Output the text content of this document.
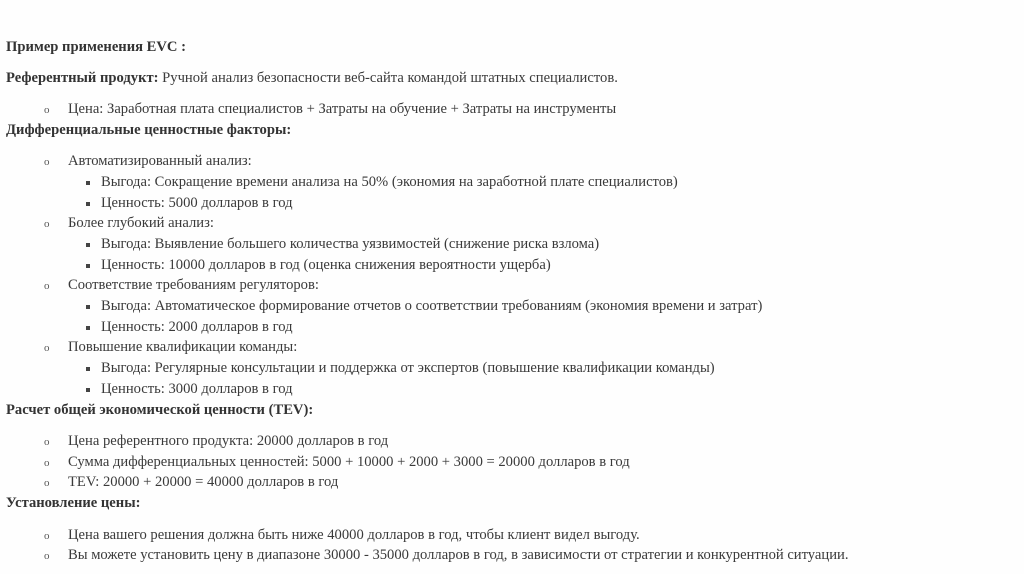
Пример применения EVC :
Референтный продукт: Ручной анализ безопасности веб-сайта командой штатных специалистов.
o Цена: Заработная плата специалистов + Затраты на обучение + Затраты на инструменты
Дифференциальные ценностные факторы:
o Автоматизированный анализ:
Выгода: Сокращение времени анализа на 50% (экономия на заработной плате специалистов)
Ценность: 5000 долларов в год
o Более глубокий анализ:
Выгода: Выявление большего количества уязвимостей (снижение риска взлома)
Ценность: 10000 долларов в год (оценка снижения вероятности ущерба)
o Соответствие требованиям регуляторов:
Выгода: Автоматическое формирование отчетов о соответствии требованиям (экономия времени и затрат)
Ценность: 2000 долларов в год
o Повышение квалификации команды:
Выгода: Регулярные консультации и поддержка от экспертов (повышение квалификации команды)
Ценность: 3000 долларов в год
Расчет общей экономической ценности (TEV):
o Цена референтного продукта: 20000 долларов в год
o Сумма дифференциальных ценностей: 5000 + 10000 + 2000 + 3000 = 20000 долларов в год
o TEV: 20000 + 20000 = 40000 долларов в год
Установление цены:
o Цена вашего решения должна быть ниже 40000 долларов в год, чтобы клиент видел выгоду.
o Вы можете установить цену в диапазоне 30000 - 35000 долларов в год, в зависимости от стратегии и конкурентной ситуации.
